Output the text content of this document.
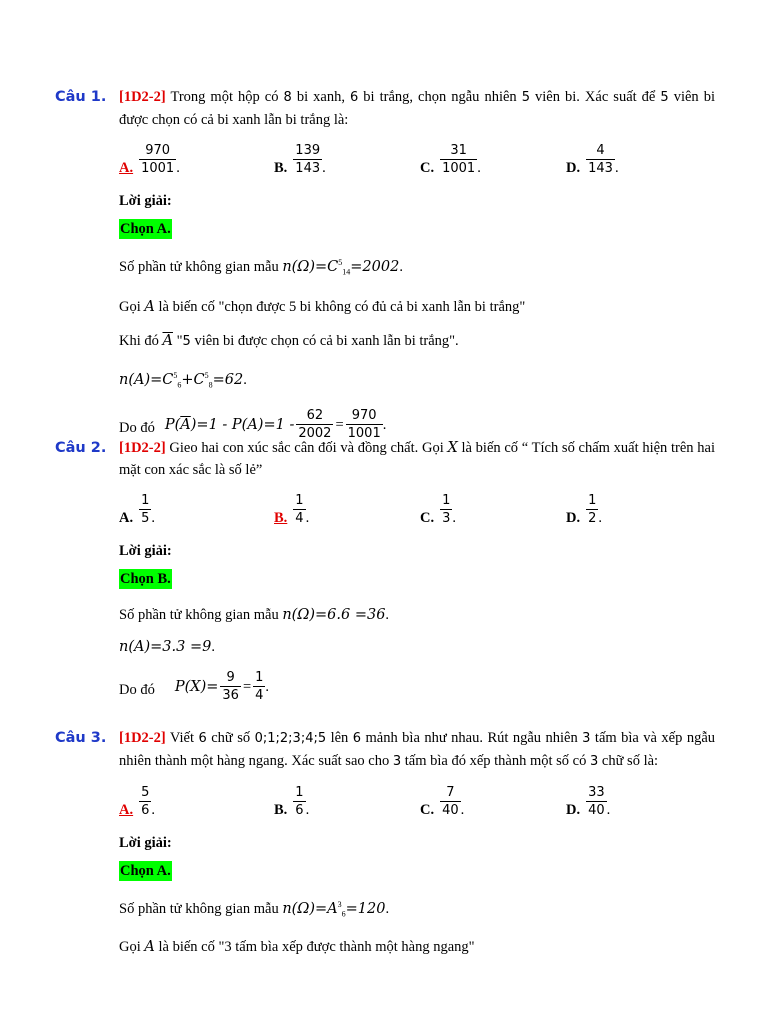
Câu 1. [1D2-2] Trong một hộp có 8 bi xanh, 6 bi trắng, chọn ngẫu nhiên 5 viên bi. Xác suất để 5 viên bi được chọn có cả bi xanh lẫn bi trắng là:
A. $\frac{970}{1001}$ .	B. $\frac{139}{143}$ .	C. $\frac{31}{1001}$ .	D. $\frac{4}{143}$ .
Lời giải:
Chọn A.
Số phần tử không gian mẫu $n(\Omega)=C^5_{14}=2002$.
Gọi A là biến cố "chọn được 5 bi không có đủ cả bi xanh lẫn bi trắng"
Khi đó $\overline{A}$ "5 viên bi được chọn có cả bi xanh lẫn bi trắng".
$n(A)=C^5_6+C^5_8=62$.
Do đó P( $\overline{A}$ )$=1 - P(A)=1 - \frac{62}{2002} = \frac{970}{1001}$ .
Câu 2. [1D2-2] Gieo hai con xúc sắc cân đối và đồng chất. Gọi X là biến cố “ Tích số chấm xuất hiện trên hai mặt con xác sắc là số lẻ”
A. $\frac{1}{5}$ .	B. $\frac{1}{4}$ .	C. $\frac{1}{3}$ .	D. $\frac{1}{2}$ .
Lời giải:
Chọn B.
Số phần tử không gian mẫu n(Ω)=6.6 =36.
n(A)=3.3 =9.
Do đó $P(X)= \frac{9}{36} = \frac{1}{4}$ .
Câu 3. [1D2-2] Viết 6 chữ số 0;1;2;3;4;5 lên 6 mảnh bìa như nhau. Rút ngẫu nhiên 3 tấm bìa và xếp ngẫu nhiên thành một hàng ngang. Xác suất sao cho 3 tấm bìa đó xếp thành một số có 3 chữ số là:
A. $\frac{5}{6}$ .	B. $\frac{1}{6}$ .	C. $\frac{7}{40}$ .	D. $\frac{33}{40}$ .
Lời giải:
Chọn A.
Số phần tử không gian mẫu $n(\Omega)=A^3_6=120$.
Gọi A là biến cố "3 tấm bìa xếp được thành một hàng ngang"
